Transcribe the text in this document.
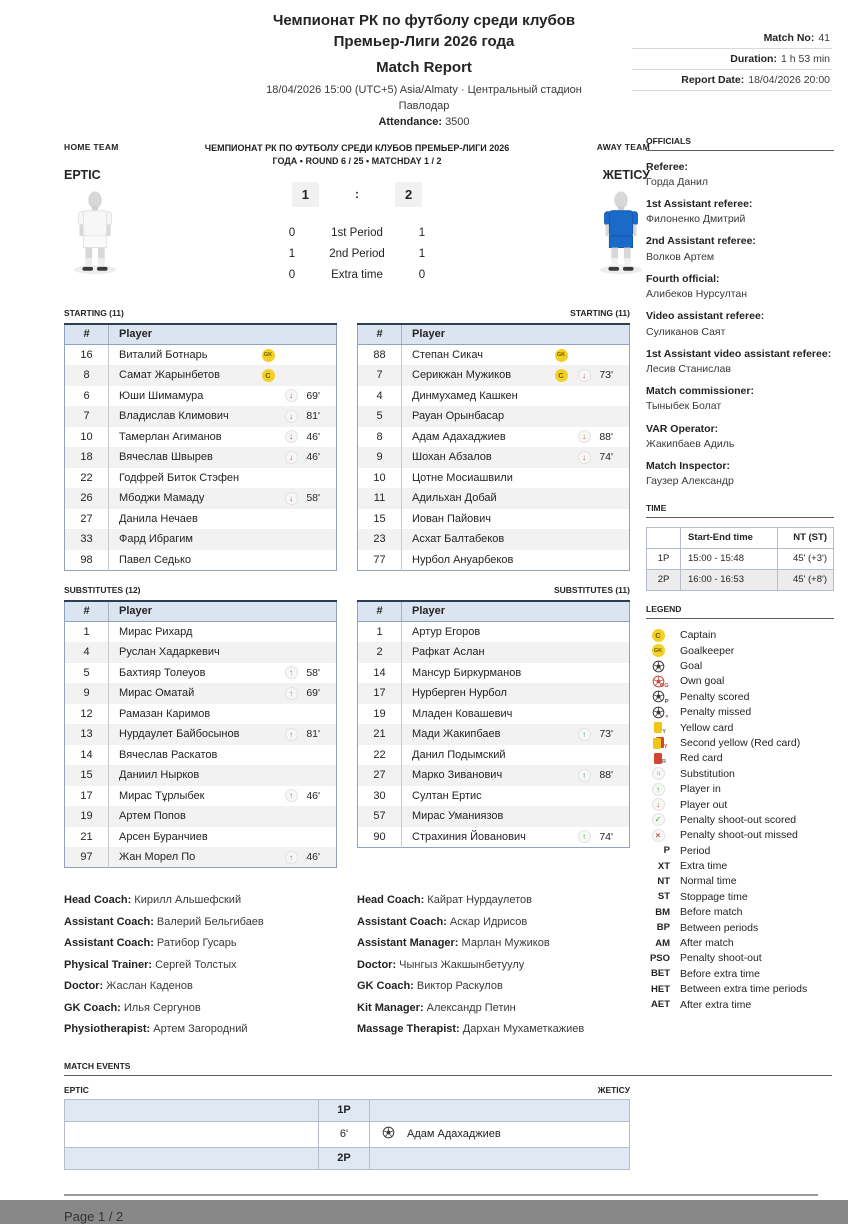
Match No: 41
Duration: 1 h 53 min
Report Date: 18/04/2026 20:00
Чемпионат РК по футболу среди клубов
Премьер-Лиги 2026 года
Match Report
18/04/2026 15:00 (UTC+5) Asia/Almaty · Центральный стадион
Павлодар
Attendance: 3500
HOME TEAM
ЕРТІС
ЧЕМПИОНАТ РК ПО ФУТБОЛУ СРЕДИ КЛУБОВ ПРЕМЬЕР-ЛИГИ 2026 ГОДА • ROUND 6 / 25 • MATCHDAY 1 / 2
1	:	2
0	1st Period	1
1	2nd Period	1
0	Extra time	0
AWAY TEAM
ЖЕТІСУ
STARTING (11)
#	Player
16	Виталий Ботнарь GK

8	Самат Жарынбетов C

6	Юши Шимамура ↓ 69'

7	Владислав Климович ↓ 81'

10	Тамерлан Агиманов ↓ 46'

18	Вячеслав Швырев ↓ 46'

22	Годфрей Биток Стэфен

26	Мбоджи Мамаду ↓ 58'

27	Данила Нечаев

33	Фард Ибрагим

98	Павел Седько
STARTING (11)
#	Player
88	Степан Сикач GK

7	Серикжан Мужиков C ↓ 73'

4	Динмухамед Кашкен

5	Рауан Орынбасар

8	Адам Адахаджиев ↓ 88'

9	Шохан Абзалов ↓ 74'

10	Цотне Мосиашвили

11	Адильхан Добай

15	Иован Пайович

23	Асхат Балтабеков

77	Нурбол Ануарбеков
SUBSTITUTES (12)
#	Player
1	Мирас Рихард

4	Руслан Хадаркевич

5	Бахтияр Толеуов ↑ 58'

9	Мирас Оматай ↑ 69'

12	Рамазан Каримов

13	Нурдаулет Байбосынов ↑ 81'

14	Вячеслав Раскатов

15	Даниил Нырков

17	Мирас Тұрлыбек ↑ 46'

19	Артем Попов

21	Арсен Буранчиев

97	Жан Морел По ↑ 46'
SUBSTITUTES (11)
#	Player
1	Артур Егоров

2	Рафкат Аслан

14	Мансур Биркурманов

17	Нурберген Нурбол

19	Младен Ковашевич

21	Мади Жакипбаев ↑ 73'

22	Данил Подымский

27	Марко Зиванович ↑ 88'

30	Султан Ертис

57	Мирас Уманиязов

90	Страхиния Йованович ↑ 74'
Head Coach: Кирилл Альшефский
Assistant Coach: Валерий Бельгибаев
Assistant Coach: Ратибор Гусарь
Physical Trainer: Сергей Толстых
Doctor: Жаслан Каденов
GK Coach: Илья Сергунов
Physiotherapist: Артем Загородний
Head Coach: Кайрат Нурдаулетов
Assistant Coach: Аскар Идрисов
Assistant Manager: Марлан Мужиков
Doctor: Чынгыз Жакшынбетуулу
GK Coach: Виктор Раскулов
Kit Manager: Александр Петин
Massage Therapist: Дархан Мухаметкажиев
OFFICIALS
Referee:
Горда Данил
1st Assistant referee:
Филоненко Дмитрий
2nd Assistant referee:
Волков Артем
Fourth official:
Алибеков Нурсултан
Video assistant referee:
Суликанов Саят
1st Assistant video assistant referee:
Лесив Станислав
Match commissioner:
Тыныбек Болат
VAR Operator:
Жакипбаев Адиль
Match Inspector:
Гаузер Александр
TIME
	Start-End time	NT (ST)
1P	15:00 - 15:48	45' (+3')
2P	16:00 - 16:53	45' (+8')
LEGEND
C	Captain
GK Goalkeeper
Goal
OG Own goal
P Penalty scored
× Penalty missed
Y Yellow card
2Y Second yellow (Red card)
R Red card
↑ ↓ Substitution
↑	Player in
↓	Player out
✓	Penalty shoot-out scored
×	Penalty shoot-out missed
P Period
XT Extra time
NT Normal time
ST Stoppage time
BM Before match
BP Between periods
AM After match
PSO Penalty shoot-out
BET Before extra time
HET Between extra time periods
AET After extra time
MATCH EVENTS
ЕРТІС	ЖЕТІСУ
	1P	
	6'	Адам Адахаджиев

	2P	
Page 1 / 2
